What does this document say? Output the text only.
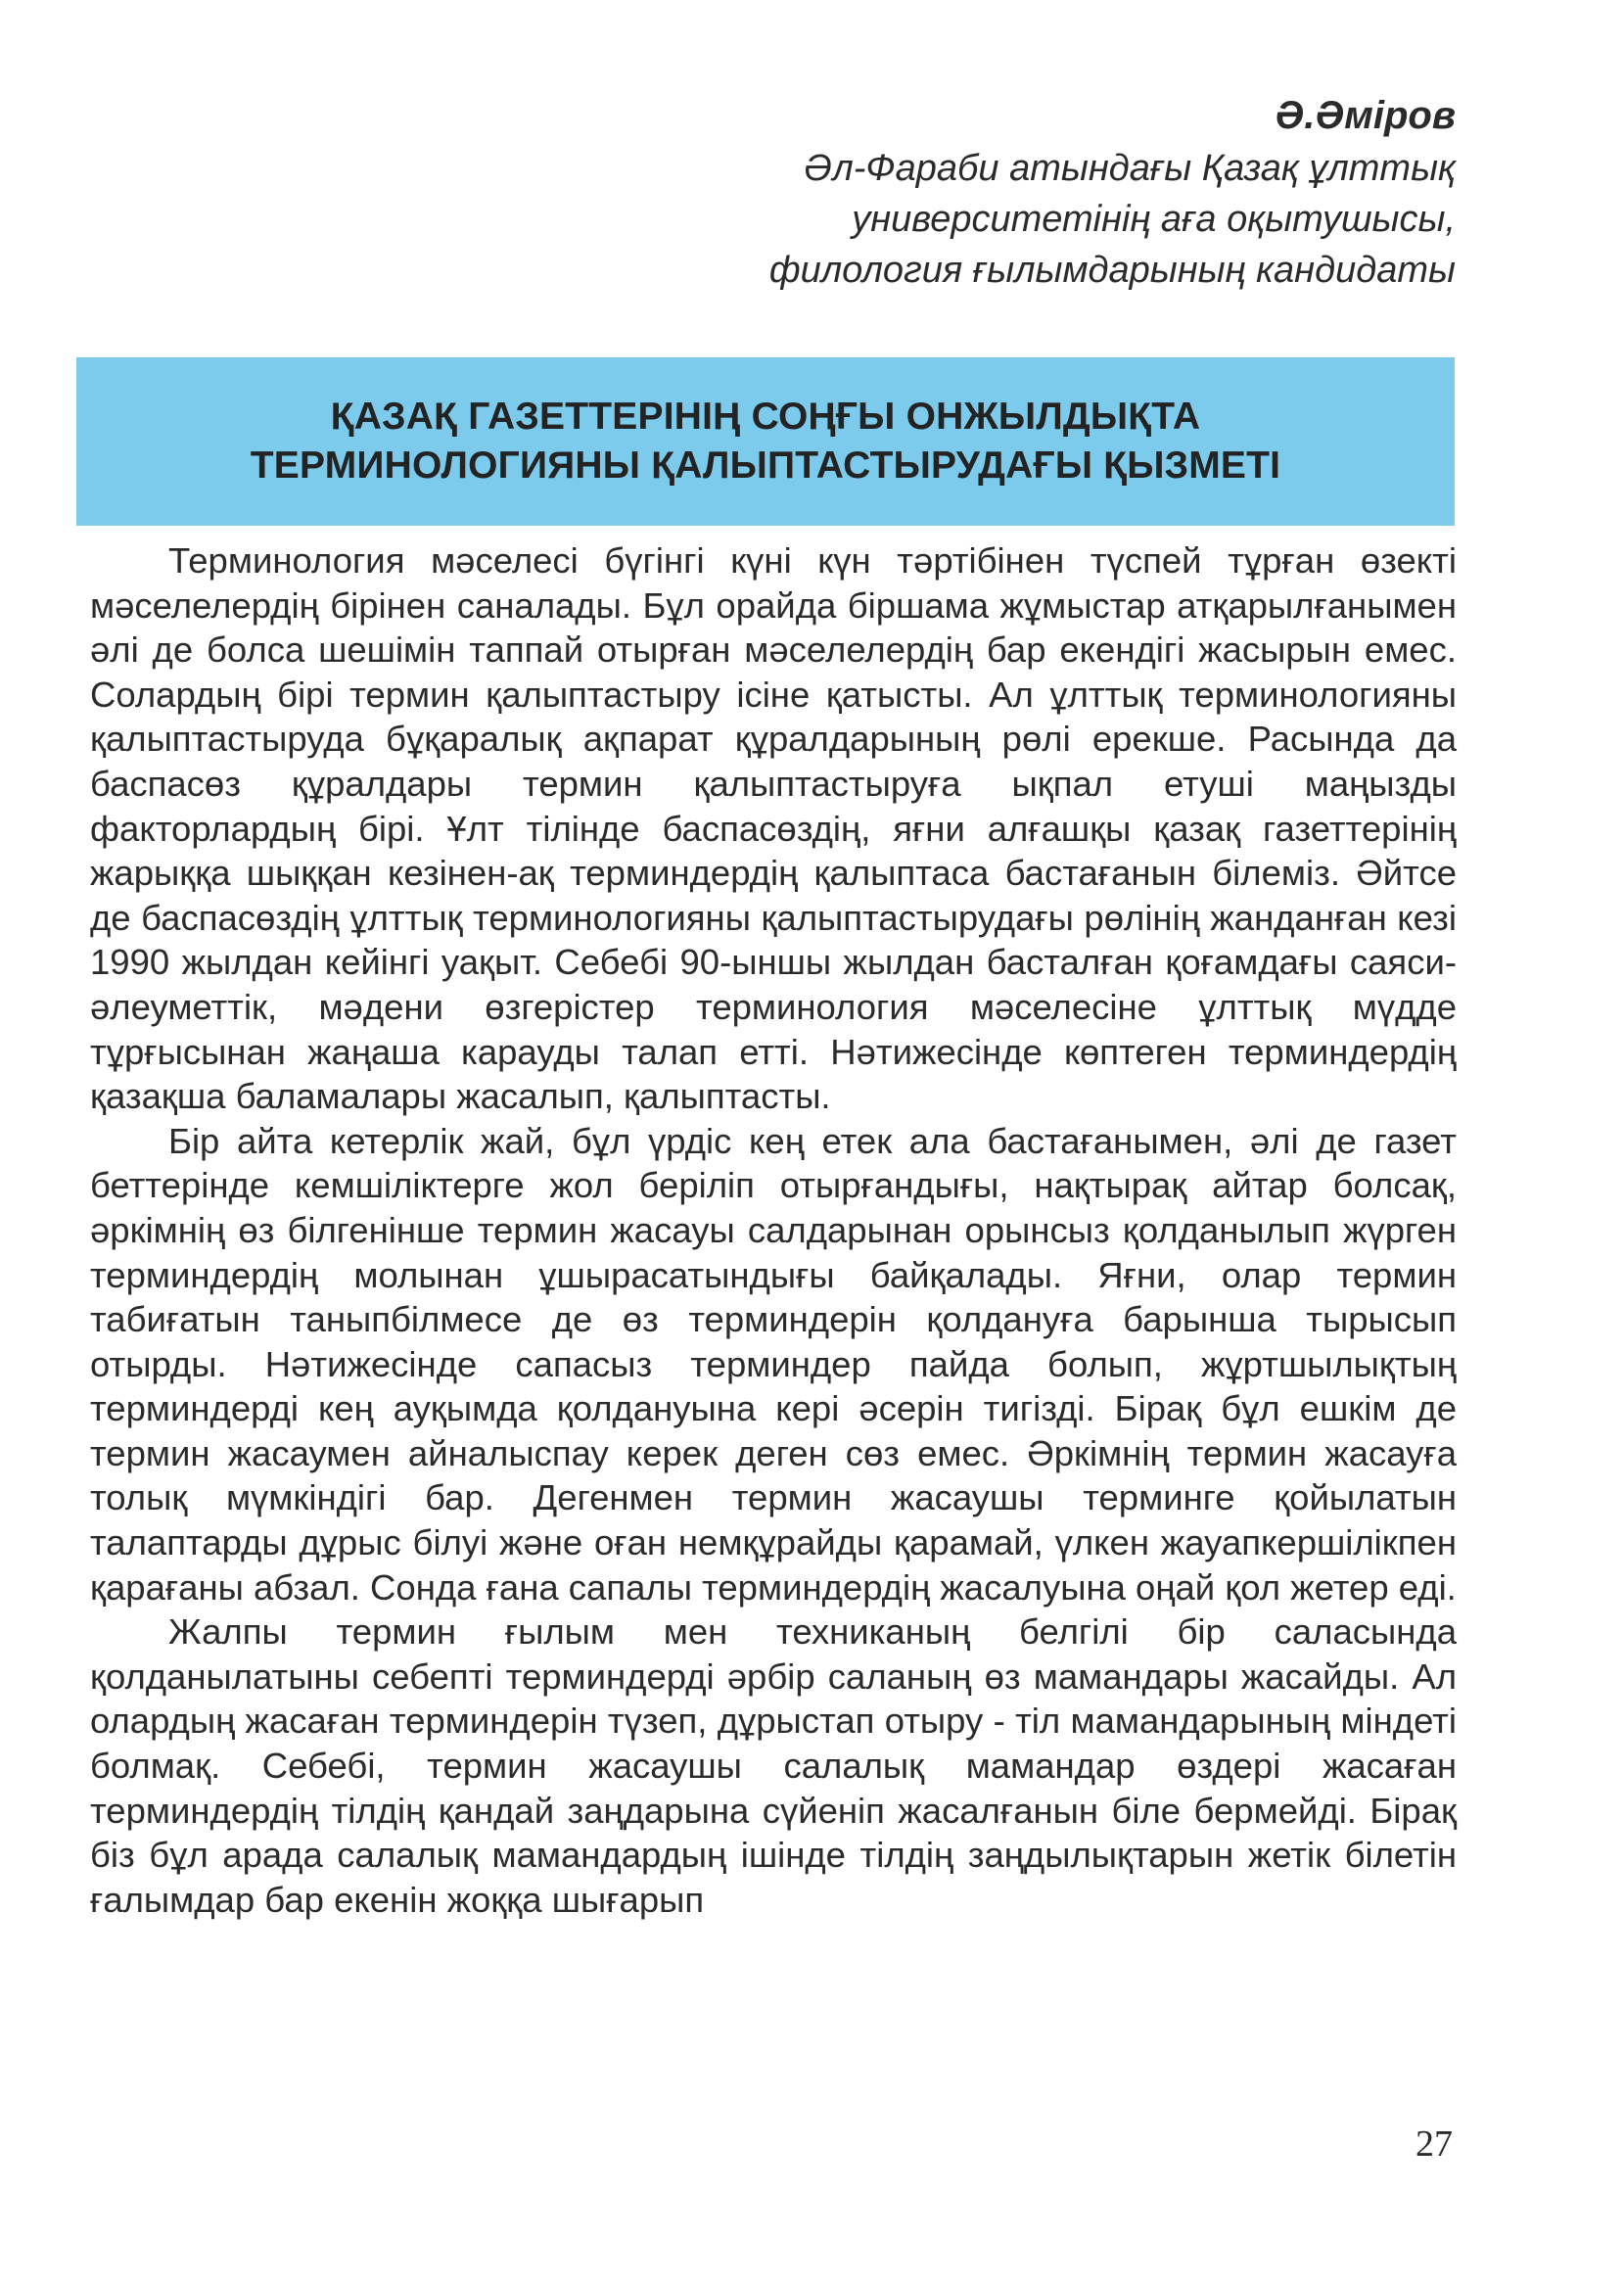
Ә.Әміров
Әл-Фараби атындағы Қазақ ұлттық
университетінің аға оқытушысы,
филология ғылымдарының кандидаты
ҚАЗАҚ ГАЗЕТТЕРІНІҢ СОҢҒЫ ОНЖЫЛДЫҚТА
ТЕРМИНОЛОГИЯНЫ ҚАЛЫПТАСТЫРУДАҒЫ ҚЫЗМЕТІ

Терминология мәселесі бүгінгі күні күн тәртібінен түспей тұрған өзекті мәселелердің бірінен саналады. Бұл орайда біршама жұмыстар атқарылғанымен әлі де болса шешімін таппай отырған мәселелердің бар екендігі жасырын емес. Солардың бірі термин қалыптастыру ісіне қатысты. Ал ұлттық терминологияны қалыптастыруда бұқаралық ақпарат құралдарының рөлі ерекше. Расында да баспасөз құралдары термин қалыптастыруға ықпал етуші маңызды факторлардың бірі. Ұлт тілінде баспасөздің, яғни алғашқы қазақ газеттерінің жарыққа шыққан кезінен-ақ терминдердің қалыптаса бастағанын білеміз. Әйтсе де баспасөздің ұлттық терминологияны қалыптастырудағы рөлінің жанданған кезі 1990 жылдан кейінгі уақыт. Себебі 90-ыншы жылдан басталған қоғамдағы саяси-әлеуметтік, мәдени өзгерістер терминология мәселесіне ұлттық мүдде тұрғысынан жаңаша карауды талап етті. Нәтижесінде көптеген терминдердің қазақша баламалары жасалып, қалыптасты.

Бір айта кетерлік жай, бұл үрдіс кең етек ала бастағанымен, әлі де газет беттерінде кемшіліктерге жол беріліп отырғандығы, нақтырақ айтар болсақ, әркімнің өз білгенінше термин жасауы салдарынан орынсыз қолданылып жүрген терминдердің молынан ұшырасатындығы байқалады. Яғни, олар термин табиғатын таныпбілмесе де өз терминдерін қолдануға барынша тырысып отырды. Нәтижесінде сапасыз терминдер пайда болып, жұртшылықтың терминдерді кең ауқымда қолдануына кері әсерін тигізді. Бірақ бұл ешкім де термин жасаумен айналыспау керек деген сөз емес. Әркімнің термин жасауға толық мүмкіндігі бар. Дегенмен термин жасаушы терминге қойылатын талаптарды дұрыс білуі және оған немқұрайды қарамай, үлкен жауапкершілікпен қарағаны абзал. Сонда ғана сапалы терминдердің жасалуына оңай қол жетер еді.

Жалпы термин ғылым мен техниканың белгілі бір саласында қолданылатыны себепті терминдерді әрбір саланың өз мамандары жасайды. Ал олардың жасаған терминдерін түзеп, дұрыстап отыру - тіл мамандарының міндеті болмақ. Себебі, термин жасаушы салалық мамандар өздері жасаған терминдердің тілдің қандай заңдарына сүйеніп жасалғанын біле бермейді. Бірақ біз бұл арада салалық мамандардың ішінде тілдің заңдылықтарын жетік білетін ғалымдар бар екенін жоққа шығарып

27
